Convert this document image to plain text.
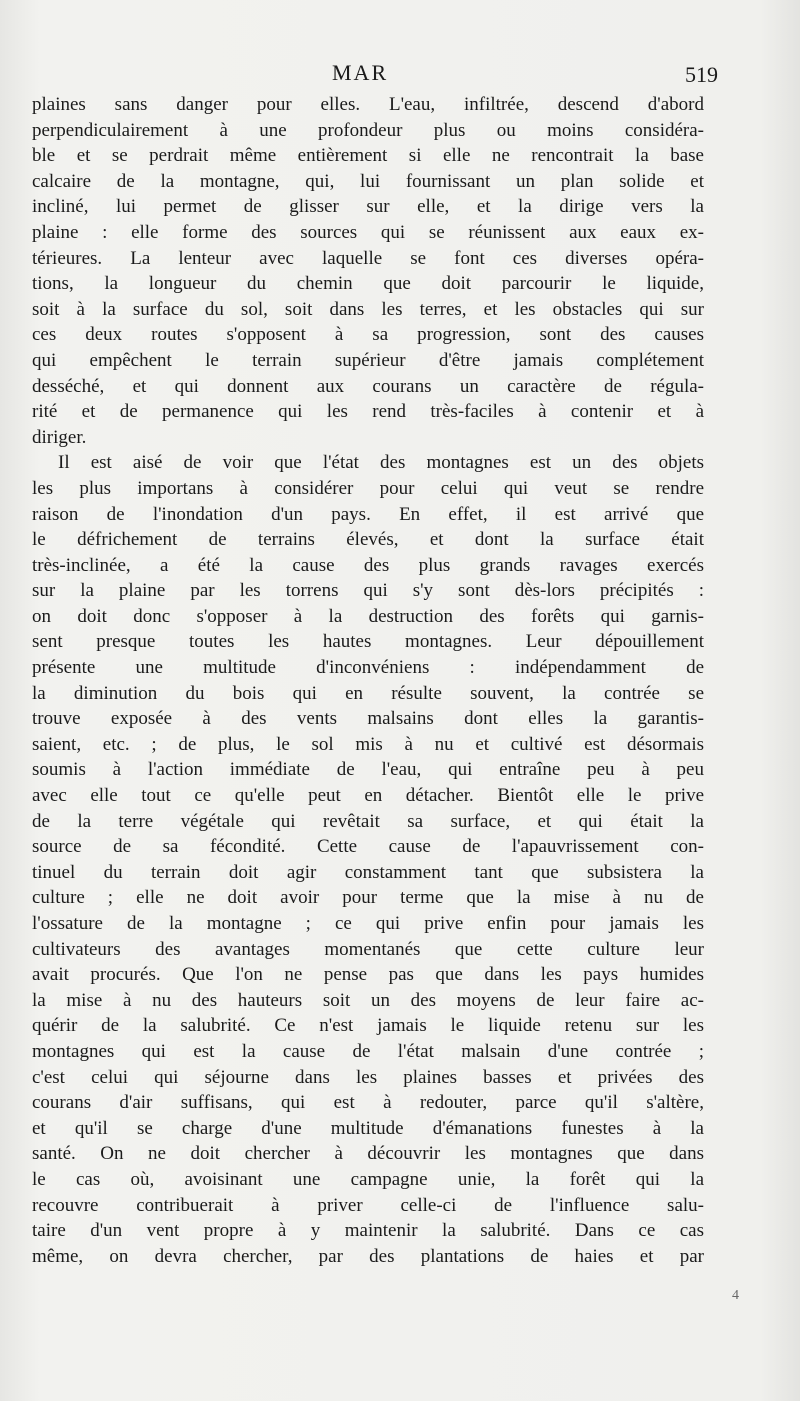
MAR	519
plaines sans danger pour elles. L'eau, infiltrée, descend d'abord
perpendiculairement à une profondeur plus ou moins considéra-
ble et se perdrait même entièrement si elle ne rencontrait la base
calcaire de la montagne, qui, lui fournissant un plan solide et
incliné, lui permet de glisser sur elle, et la dirige vers la
plaine : elle forme des sources qui se réunissent aux eaux ex-
térieures. La lenteur avec laquelle se font ces diverses opéra-
tions, la longueur du chemin que doit parcourir le liquide,
soit à la surface du sol, soit dans les terres, et les obstacles qui sur
ces deux routes s'opposent à sa progression, sont des causes
qui empêchent le terrain supérieur d'être jamais complétement
desséché, et qui donnent aux courans un caractère de régula-
rité et de permanence qui les rend très-faciles à contenir et à
diriger.
Il est aisé de voir que l'état des montagnes est un des objets
les plus importans à considérer pour celui qui veut se rendre
raison de l'inondation d'un pays. En effet, il est arrivé que
le défrichement de terrains élevés, et dont la surface était
très-inclinée, a été la cause des plus grands ravages exercés
sur la plaine par les torrens qui s'y sont dès-lors précipités :
on doit donc s'opposer à la destruction des forêts qui garnis-
sent presque toutes les hautes montagnes. Leur dépouillement
présente une multitude d'inconvéniens : indépendamment de
la diminution du bois qui en résulte souvent, la contrée se
trouve exposée à des vents malsains dont elles la garantis-
saient, etc. ; de plus, le sol mis à nu et cultivé est désormais
soumis à l'action immédiate de l'eau, qui entraîne peu à peu
avec elle tout ce qu'elle peut en détacher. Bientôt elle le prive
de la terre végétale qui revêtait sa surface, et qui était la
source de sa fécondité. Cette cause de l'apauvrissement con-
tinuel du terrain doit agir constamment tant que subsistera la
culture ; elle ne doit avoir pour terme que la mise à nu de
l'ossature de la montagne ; ce qui prive enfin pour jamais les
cultivateurs des avantages momentanés que cette culture leur
avait procurés. Que l'on ne pense pas que dans les pays humides
la mise à nu des hauteurs soit un des moyens de leur faire ac-
quérir de la salubrité. Ce n'est jamais le liquide retenu sur les
montagnes qui est la cause de l'état malsain d'une contrée ;
c'est celui qui séjourne dans les plaines basses et privées des
courans d'air suffisans, qui est à redouter, parce qu'il s'altère,
et qu'il se charge d'une multitude d'émanations funestes à la
santé. On ne doit chercher à découvrir les montagnes que dans
le cas où, avoisinant une campagne unie, la forêt qui la
recouvre contribuerait à priver celle-ci de l'influence salu-
taire d'un vent propre à y maintenir la salubrité. Dans ce cas
même, on devra chercher, par des plantations de haies et par
4
